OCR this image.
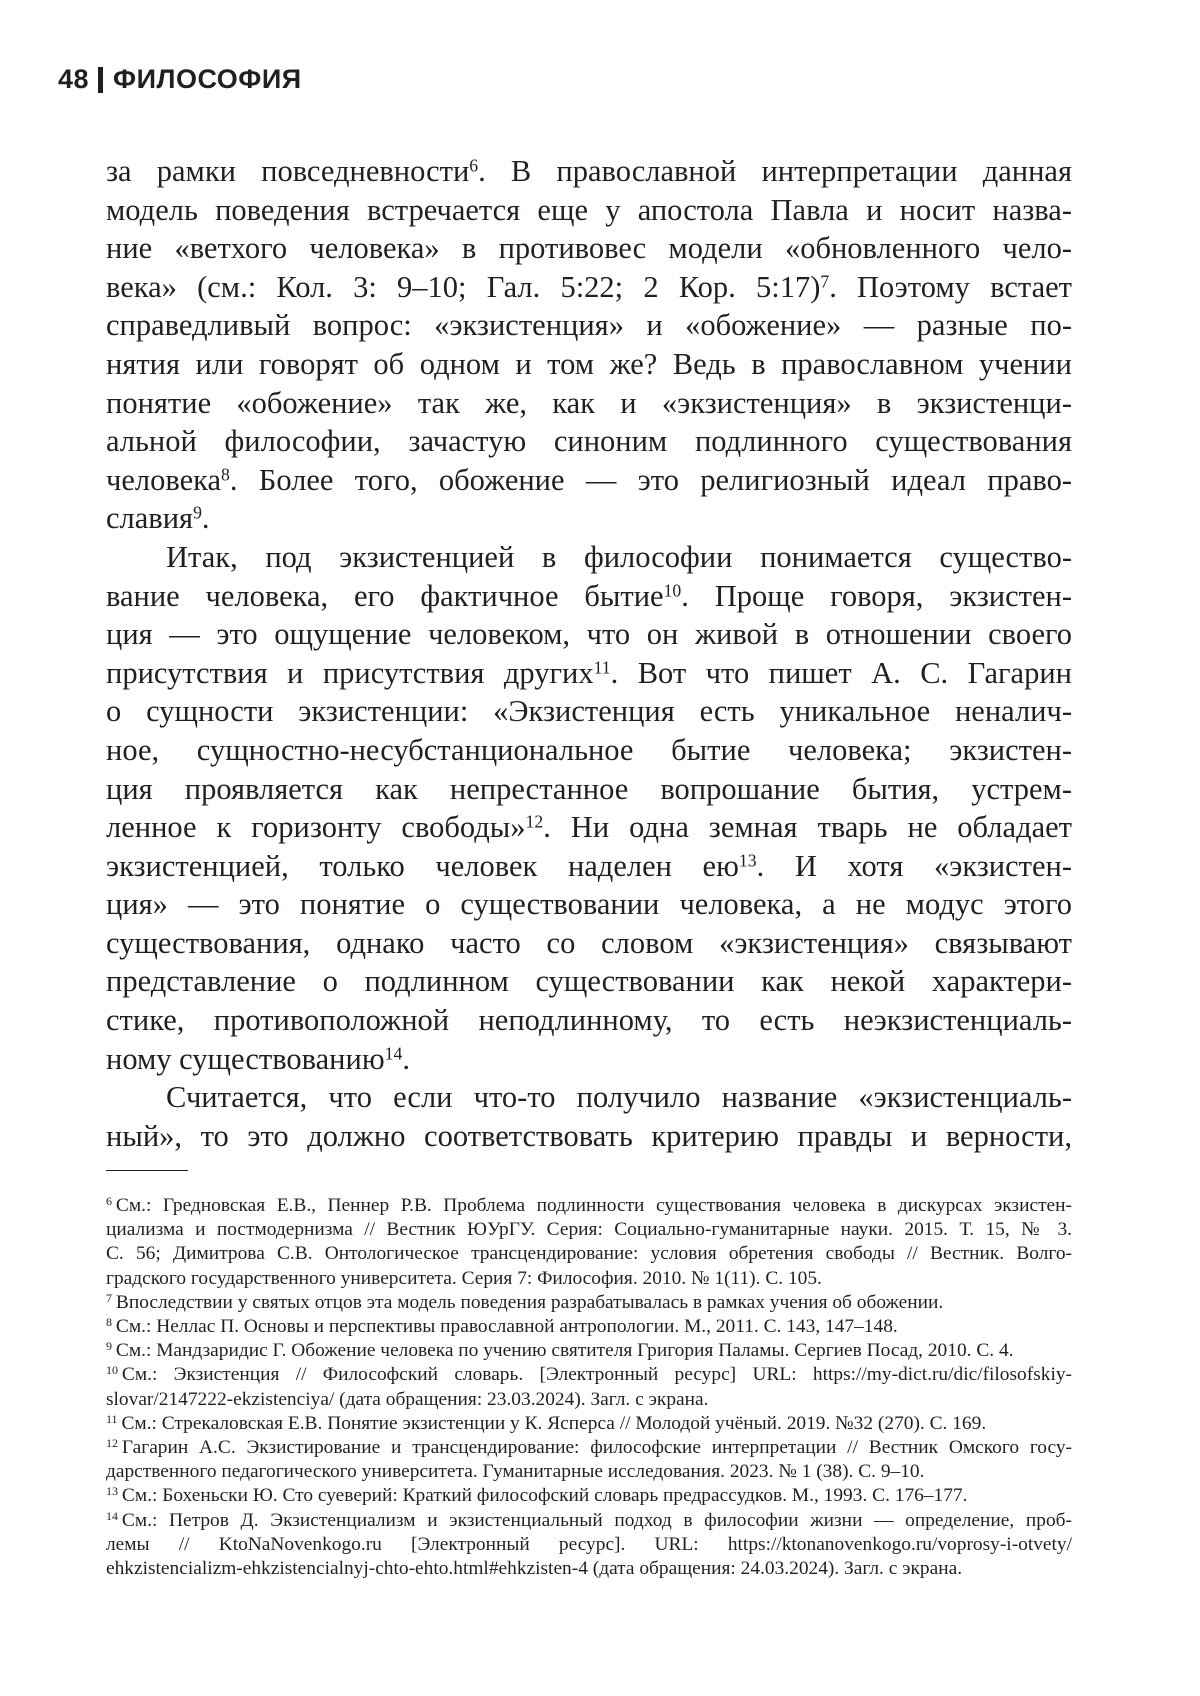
48 ФИЛОСОФИЯ

за рамки повседневности$^6$. В православной интерпретации данная
модель поведения встречается еще у апостола Павла и носит назва-
ние «ветхого человека» в противовес модели «обновленного чело-
века» (см.: Кол. 3: 9–10; Гал. 5:22; 2 Кор. 5:17)$^7$. Поэтому встает
справедливый вопрос: «экзистенция» и «обожение» — разные по-
нятия или говорят об одном и том же? Ведь в православном учении
понятие «обожение» так же, как и «экзистенция» в экзистенци-
альной философии, зачастую синоним подлинного существования
человека$^8$. Более того, обожение — это религиозный идеал право-
славия$^9$.

Итак, под экзистенцией в философии понимается существо-
вание человека, его фактичное бытие$^{10}$. Проще говоря, экзистен-
ция — это ощущение человеком, что он живой в отношении своего
присутствия и присутствия других$^{11}$. Вот что пишет А. С. Гагарин
о сущности экзистенции: «Экзистенция есть уникальное неналич-
ное, сущностно-несубстанциональное бытие человека; экзистен-
ция проявляется как непрестанное вопрошание бытия, устрем-
ленное к горизонту свободы»$^{12}$. Ни одна земная тварь не обладает
экзистенцией, только человек наделен ею$^{13}$. И хотя «экзистен-
ция» — это понятие о существовании человека, а не модус этого
существования, однако часто со словом «экзистенция» связывают
представление о подлинном существовании как некой характери-
стике, противоположной неподлинному, то есть неэкзистенциаль-
ному существованию$^{14}$.

Считается, что если что-то получило название «экзистенциаль-
ный», то это должно соответствовать критерию правды и верности,

$^6$  См.: Гредновская Е.В., Пеннер Р.В. Проблема подлинности существования человека в дискурсах экзистен-
циализма и постмодернизма // Вестник ЮУрГУ. Серия: Социально-гуманитарные науки. 2015. Т. 15, № 3.
С. 56; Димитрова С.В. Онтологическое трансцендирование: условия обретения свободы // Вестник. Волго-
градского государственного университета. Серия 7: Философия. 2010. № 1(11). С. 105.
$^7$  Впоследствии у святых отцов эта модель поведения разрабатывалась в рамках учения об обожении.
$^8$  См.: Неллас П. Основы и перспективы православной антропологии. М., 2011. С. 143, 147–148.
$^9$  См.: Мандзаридис Г. Обожение человека по учению святителя Григория Паламы. Сергиев Посад, 2010. С. 4.
$^{10}$  См.: Экзистенция // Философский словарь. [Электронный ресурс] URL: https://my-dict.ru/dic/filosofskiy-
slovar/2147222-ekzistenciya/ (дата обращения: 23.03.2024). Загл. с экрана.
$^{11}$  См.: Стрекаловская Е.В. Понятие экзистенции у К. Ясперса // Молодой учёный. 2019. №32 (270). С. 169.
$^{12}$  Гагарин А.С. Экзистирование и трансцендирование: философские интерпретации // Вестник Омского госу-
дарственного педагогического университета. Гуманитарные исследования. 2023. № 1 (38). С. 9–10.
$^{13}$  См.: Бохеньски Ю. Сто суеверий: Краткий философский словарь предрассудков. М., 1993. С. 176–177.
$^{14}$  См.: Петров Д. Экзистенциализм и экзистенциальный подход в философии жизни — определение, проб-
лемы // KtoNaNovenkogo.ru [Электронный ресурс]. URL: https://ktonanovenkogo.ru/voprosy-i-otvety/
ehkzistencializm-ehkzistencialnyj-chto-ehto.html#ehkzisten-4 (дата обращения: 24.03.2024). Загл. с экрана.
